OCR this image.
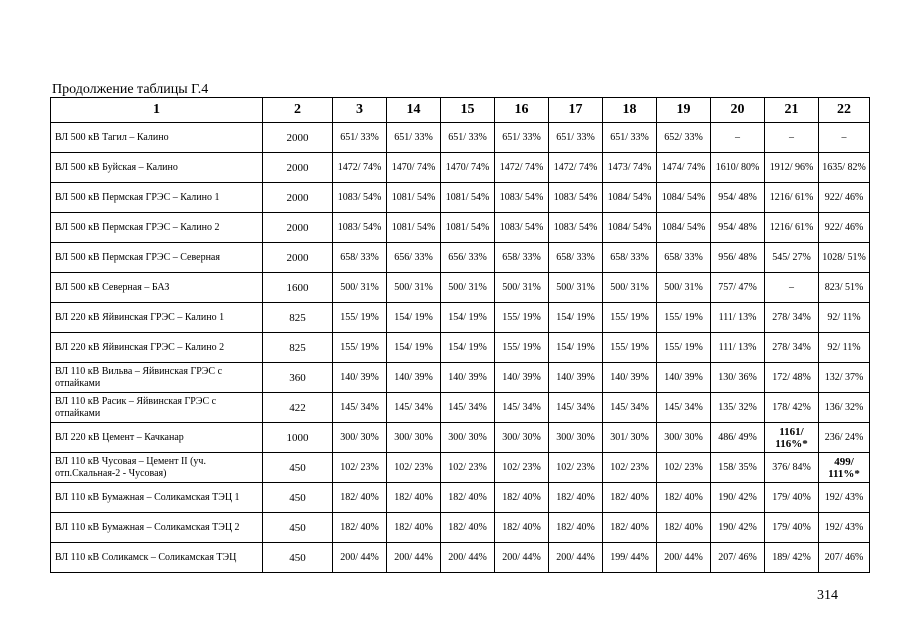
Продолжение таблицы Г.4
1	2	3	14	15	16	17	18	19	20	21	22
ВЛ 500 кВ Тагил – Калино	2000	651/ 33%	651/ 33%	651/ 33%	651/ 33%	651/ 33%	651/ 33%	652/ 33%	–	–	–
ВЛ 500 кВ Буйская – Калино	2000	1472/ 74%	1470/ 74%	1470/ 74%	1472/ 74%	1472/ 74%	1473/ 74%	1474/ 74%	1610/ 80%	1912/ 96%	1635/ 82%
ВЛ 500 кВ Пермская ГРЭС – Калино 1	2000	1083/ 54%	1081/ 54%	1081/ 54%	1083/ 54%	1083/ 54%	1084/ 54%	1084/ 54%	954/ 48%	1216/ 61%	922/ 46%
ВЛ 500 кВ Пермская ГРЭС – Калино 2	2000	1083/ 54%	1081/ 54%	1081/ 54%	1083/ 54%	1083/ 54%	1084/ 54%	1084/ 54%	954/ 48%	1216/ 61%	922/ 46%
ВЛ 500 кВ Пермская ГРЭС – Северная	2000	658/ 33%	656/ 33%	656/ 33%	658/ 33%	658/ 33%	658/ 33%	658/ 33%	956/ 48%	545/ 27%	1028/ 51%
ВЛ 500 кВ Северная – БАЗ	1600	500/ 31%	500/ 31%	500/ 31%	500/ 31%	500/ 31%	500/ 31%	500/ 31%	757/ 47%	–	823/ 51%
ВЛ 220 кВ Яйвинская ГРЭС – Калино 1	825	155/ 19%	154/ 19%	154/ 19%	155/ 19%	154/ 19%	155/ 19%	155/ 19%	111/ 13%	278/ 34%	92/ 11%
ВЛ 220 кВ Яйвинская ГРЭС – Калино 2	825	155/ 19%	154/ 19%	154/ 19%	155/ 19%	154/ 19%	155/ 19%	155/ 19%	111/ 13%	278/ 34%	92/ 11%
ВЛ 110 кВ Вильва – Яйвинская ГРЭС с отпайками	360	140/ 39%	140/ 39%	140/ 39%	140/ 39%	140/ 39%	140/ 39%	140/ 39%	130/ 36%	172/ 48%	132/ 37%
ВЛ 110 кВ Расик – Яйвинская ГРЭС с отпайками	422	145/ 34%	145/ 34%	145/ 34%	145/ 34%	145/ 34%	145/ 34%	145/ 34%	135/ 32%	178/ 42%	136/ 32%
ВЛ 220 кВ Цемент – Качканар	1000	300/ 30%	300/ 30%	300/ 30%	300/ 30%	300/ 30%	301/ 30%	300/ 30%	486/ 49%	1161/ 116%*	236/ 24%
ВЛ 110 кВ Чусовая – Цемент II (уч. отп.Скальная-2 - Чусовая)	450	102/ 23%	102/ 23%	102/ 23%	102/ 23%	102/ 23%	102/ 23%	102/ 23%	158/ 35%	376/ 84%	499/ 111%*
ВЛ 110 кВ Бумажная – Соликамская ТЭЦ 1	450	182/ 40%	182/ 40%	182/ 40%	182/ 40%	182/ 40%	182/ 40%	182/ 40%	190/ 42%	179/ 40%	192/ 43%
ВЛ 110 кВ Бумажная – Соликамская ТЭЦ 2	450	182/ 40%	182/ 40%	182/ 40%	182/ 40%	182/ 40%	182/ 40%	182/ 40%	190/ 42%	179/ 40%	192/ 43%
ВЛ 110 кВ Соликамск – Соликамская ТЭЦ	450	200/ 44%	200/ 44%	200/ 44%	200/ 44%	200/ 44%	199/ 44%	200/ 44%	207/ 46%	189/ 42%	207/ 46%
314
